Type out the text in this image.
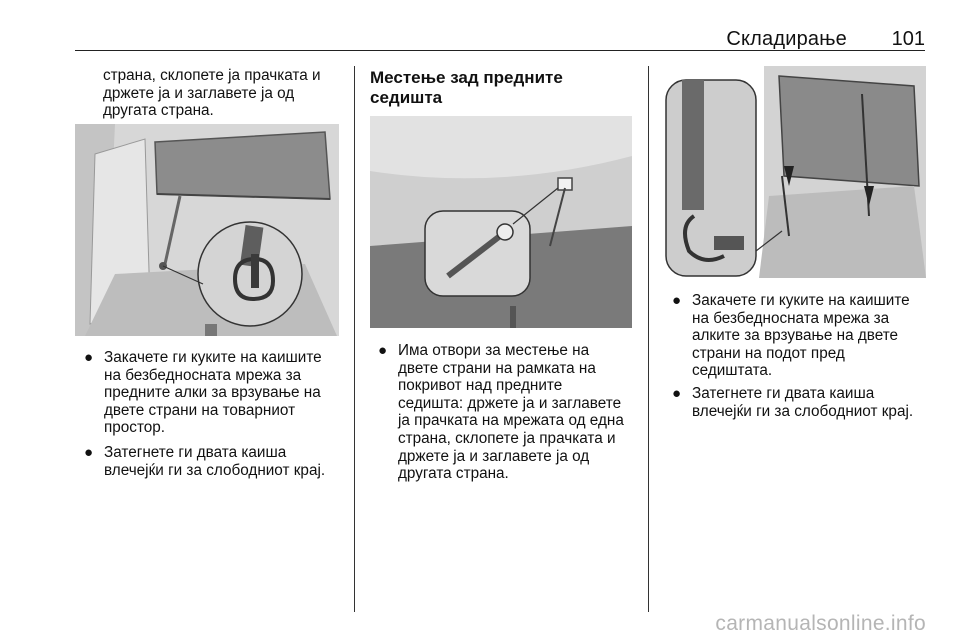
Складирање 101
страна, склопете ја прачката и
држете ја и заглавете ја од
другата страна.
● Закачете ги куките на каишите
на безбедносната мрежа за
предните алки за врзување на
двете страни на товарниот
простор.
● Затегнете ги двата каиша
влечејќи ги за слободниот крај.
Местење зад предните
седишта
● Има отвори за местење на
двете страни на рамката на
покривот над предните
седишта: држете ја и заглавете
ја прачката на мрежата од една
страна, склопете ја прачката и
држете ја и заглавете ја од
другата страна.
● Закачете ги куките на каишите
на безбедносната мрежа за
алките за врзување на двете
страни на подот пред
седиштата.
● Затегнете ги двата каиша
влечејќи ги за слободниот крај.
carmanualsonline.info
